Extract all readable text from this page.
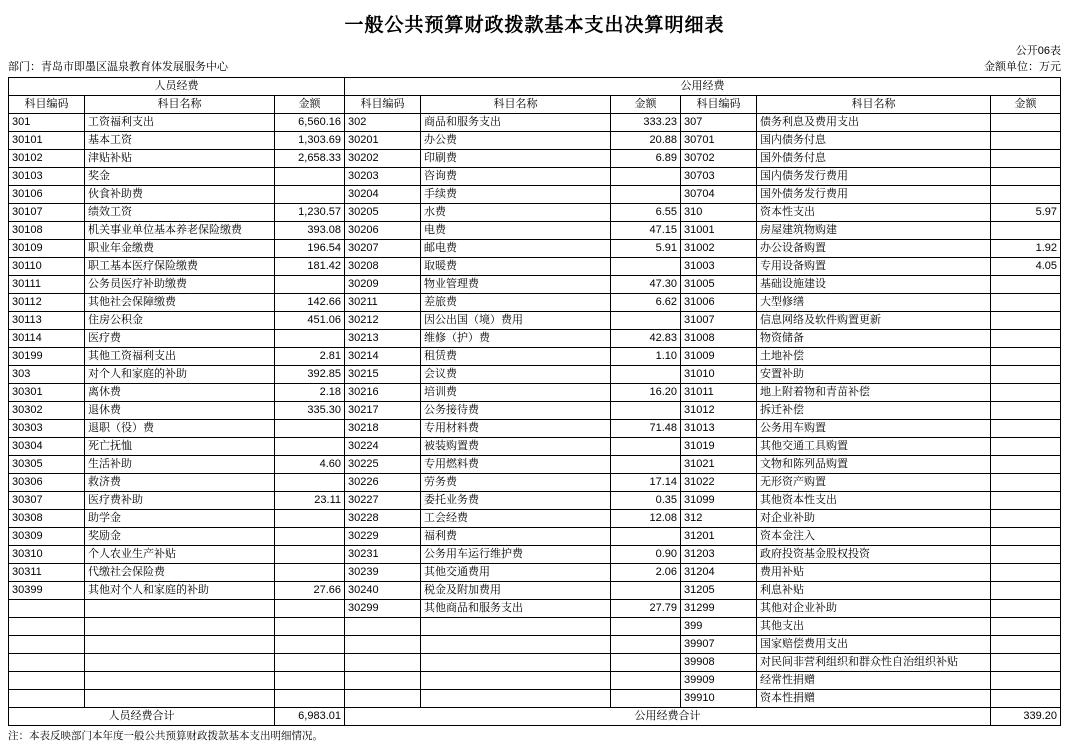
一般公共预算财政拨款基本支出决算明细表

公开06表
部门：青岛市即墨区温泉教育体发展服务中心	金额单位：万元
人员经费			公用经费					
科目编码	科目名称	金额	科目编码	科目名称	金额	科目编码	科目名称	金额
301	工资福利支出	6,560.16	302	商品和服务支出	333.23	307	债务利息及费用支出	
30101	基本工资	1,303.69	30201	办公费	20.88	30701	国内债务付息	
30102	津贴补贴	2,658.33	30202	印刷费	6.89	30702	国外债务付息	
30103	奖金		30203	咨询费		30703	国内债务发行费用	
30106	伙食补助费		30204	手续费		30704	国外债务发行费用	
30107	绩效工资	1,230.57	30205	水费	6.55	310	资本性支出	5.97
30108	机关事业单位基本养老保险缴费	393.08	30206	电费	47.15	31001	房屋建筑物购建	
30109	职业年金缴费	196.54	30207	邮电费	5.91	31002	办公设备购置	1.92
30110	职工基本医疗保险缴费	181.42	30208	取暖费		31003	专用设备购置	4.05
30111	公务员医疗补助缴费		30209	物业管理费	47.30	31005	基础设施建设	
30112	其他社会保障缴费	142.66	30211	差旅费	6.62	31006	大型修缮	
30113	住房公积金	451.06	30212	因公出国（境）费用		31007	信息网络及软件购置更新	
30114	医疗费		30213	维修（护）费	42.83	31008	物资储备	
30199	其他工资福利支出	2.81	30214	租赁费	1.10	31009	土地补偿	
303	对个人和家庭的补助	392.85	30215	会议费		31010	安置补助	
30301	离休费	2.18	30216	培训费	16.20	31011	地上附着物和青苗补偿	
30302	退休费	335.30	30217	公务接待费		31012	拆迁补偿	
30303	退职（役）费		30218	专用材料费	71.48	31013	公务用车购置	
30304	死亡抚恤		30224	被装购置费		31019	其他交通工具购置	
30305	生活补助	4.60	30225	专用燃料费		31021	文物和陈列品购置	
30306	救济费		30226	劳务费	17.14	31022	无形资产购置	
30307	医疗费补助	23.11	30227	委托业务费	0.35	31099	其他资本性支出	
30308	助学金		30228	工会经费	12.08	312	对企业补助	
30309	奖励金		30229	福利费		31201	资本金注入	
30310	个人农业生产补贴		30231	公务用车运行维护费	0.90	31203	政府投资基金股权投资	
30311	代缴社会保险费		30239	其他交通费用	2.06	31204	费用补贴	
30399	其他对个人和家庭的补助	27.66	30240	税金及附加费用		31205	利息补贴	
			30299	其他商品和服务支出	27.79	31299	其他对企业补助	
						399	其他支出	
						39907	国家赔偿费用支出	
						39908	对民间非营利组织和群众性自治组织补贴	
						39909	经常性捐赠	
						39910	资本性捐赠	
人员经费合计		6,983.01	公用经费合计					339.20
注：本表反映部门本年度一般公共预算财政拨款基本支出明细情况。
